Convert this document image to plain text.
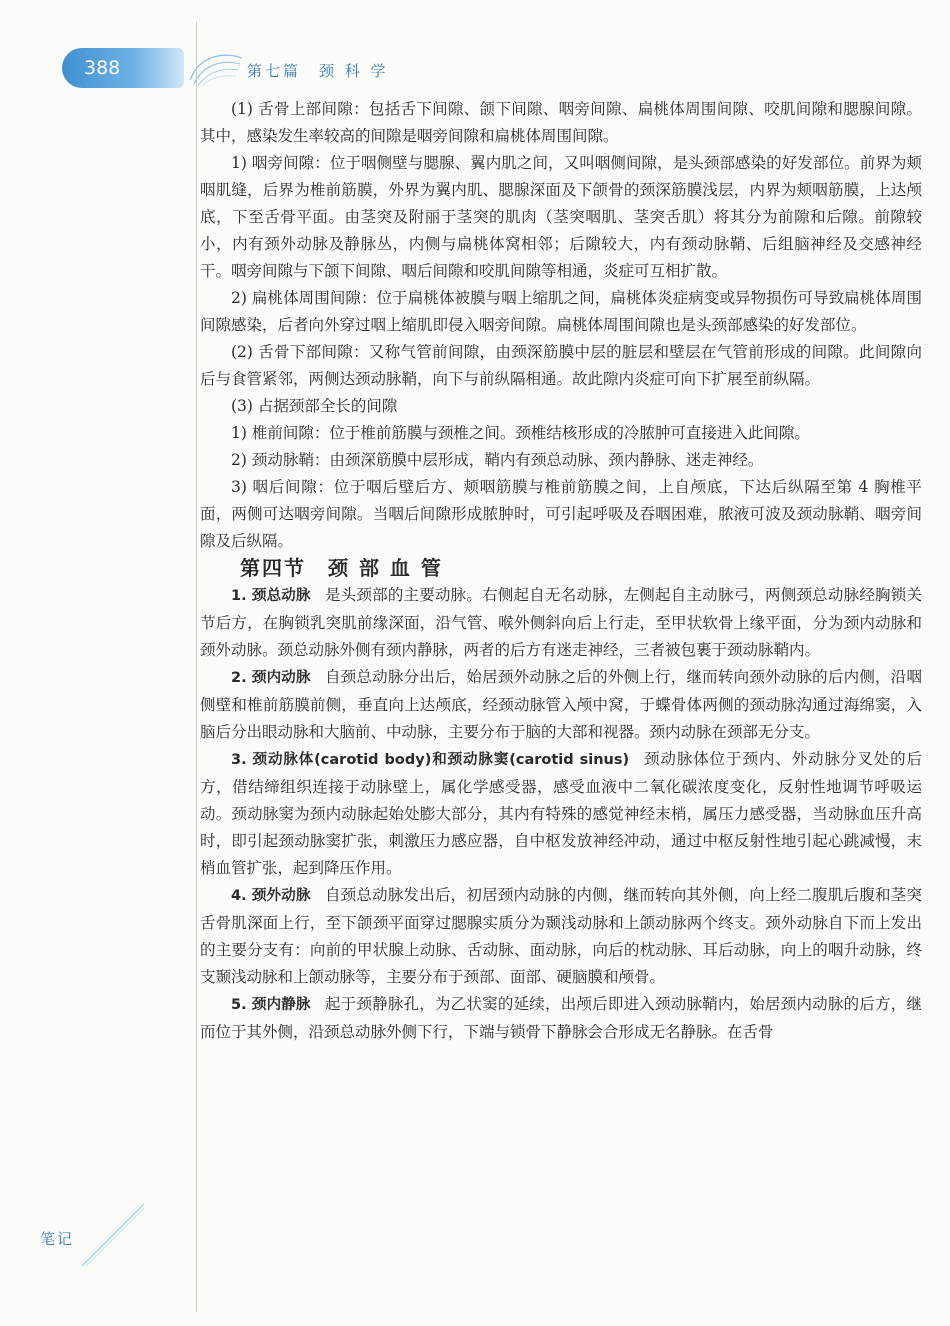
388	第七篇　颈 科 学

(1) 舌骨上部间隙：包括舌下间隙、颌下间隙、咽旁间隙、扁桃体周围间隙、咬肌间隙和腮腺间隙。其中，感染发生率较高的间隙是咽旁间隙和扁桃体周围间隙。

1) 咽旁间隙：位于咽侧壁与腮腺、翼内肌之间，又叫咽侧间隙，是头颈部感染的好发部位。前界为颊咽肌缝，后界为椎前筋膜，外界为翼内肌、腮腺深面及下颌骨的颈深筋膜浅层，内界为颊咽筋膜，上达颅底，下至舌骨平面。由茎突及附丽于茎突的肌肉（茎突咽肌、茎突舌肌）将其分为前隙和后隙。前隙较小，内有颈外动脉及静脉丛，内侧与扁桃体窝相邻；后隙较大，内有颈动脉鞘、后组脑神经及交感神经干。咽旁间隙与下颌下间隙、咽后间隙和咬肌间隙等相通，炎症可互相扩散。

2) 扁桃体周围间隙：位于扁桃体被膜与咽上缩肌之间，扁桃体炎症病变或异物损伤可导致扁桃体周围间隙感染，后者向外穿过咽上缩肌即侵入咽旁间隙。扁桃体周围间隙也是头颈部感染的好发部位。

(2) 舌骨下部间隙：又称气管前间隙，由颈深筋膜中层的脏层和壁层在气管前形成的间隙。此间隙向后与食管紧邻，两侧达颈动脉鞘，向下与前纵隔相通。故此隙内炎症可向下扩展至前纵隔。

(3) 占据颈部全长的间隙

1) 椎前间隙：位于椎前筋膜与颈椎之间。颈椎结核形成的冷脓肿可直接进入此间隙。

2) 颈动脉鞘：由颈深筋膜中层形成，鞘内有颈总动脉、颈内静脉、迷走神经。

3) 咽后间隙：位于咽后壁后方、颊咽筋膜与椎前筋膜之间，上自颅底，下达后纵隔至第 4 胸椎平面，两侧可达咽旁间隙。当咽后间隙形成脓肿时，可引起呼吸及吞咽困难，脓液可波及颈动脉鞘、咽旁间隙及后纵隔。

第四节 颈 部 血 管

1. 颈总动脉 是头颈部的主要动脉。右侧起自无名动脉，左侧起自主动脉弓，两侧颈总动脉经胸锁关节后方，在胸锁乳突肌前缘深面，沿气管、喉外侧斜向后上行走，至甲状软骨上缘平面，分为颈内动脉和颈外动脉。颈总动脉外侧有颈内静脉，两者的后方有迷走神经，三者被包裹于颈动脉鞘内。

2. 颈内动脉 自颈总动脉分出后，始居颈外动脉之后的外侧上行，继而转向颈外动脉的后内侧，沿咽侧壁和椎前筋膜前侧，垂直向上达颅底，经颈动脉管入颅中窝，于蝶骨体两侧的颈动脉沟通过海绵窦，入脑后分出眼动脉和大脑前、中动脉，主要分布于脑的大部和视器。颈内动脉在颈部无分支。

3. 颈动脉体(carotid body)和颈动脉窦(carotid sinus) 颈动脉体位于颈内、外动脉分叉处的后方，借结缔组织连接于动脉壁上，属化学感受器，感受血液中二氧化碳浓度变化，反射性地调节呼吸运动。颈动脉窦为颈内动脉起始处膨大部分，其内有特殊的感觉神经末梢，属压力感受器，当动脉血压升高时，即引起颈动脉窦扩张，刺激压力感应器，自中枢发放神经冲动，通过中枢反射性地引起心跳减慢，末梢血管扩张，起到降压作用。

4. 颈外动脉 自颈总动脉发出后，初居颈内动脉的内侧，继而转向其外侧，向上经二腹肌后腹和茎突舌骨肌深面上行，至下颌颈平面穿过腮腺实质分为颞浅动脉和上颌动脉两个终支。颈外动脉自下而上发出的主要分支有：向前的甲状腺上动脉、舌动脉、面动脉，向后的枕动脉、耳后动脉，向上的咽升动脉，终支颞浅动脉和上颌动脉等，主要分布于颈部、面部、硬脑膜和颅骨。

5. 颈内静脉 起于颈静脉孔，为乙状窦的延续，出颅后即进入颈动脉鞘内，始居颈内动脉的后方，继而位于其外侧，沿颈总动脉外侧下行，下端与锁骨下静脉会合形成无名静脉。在舌骨

笔记
